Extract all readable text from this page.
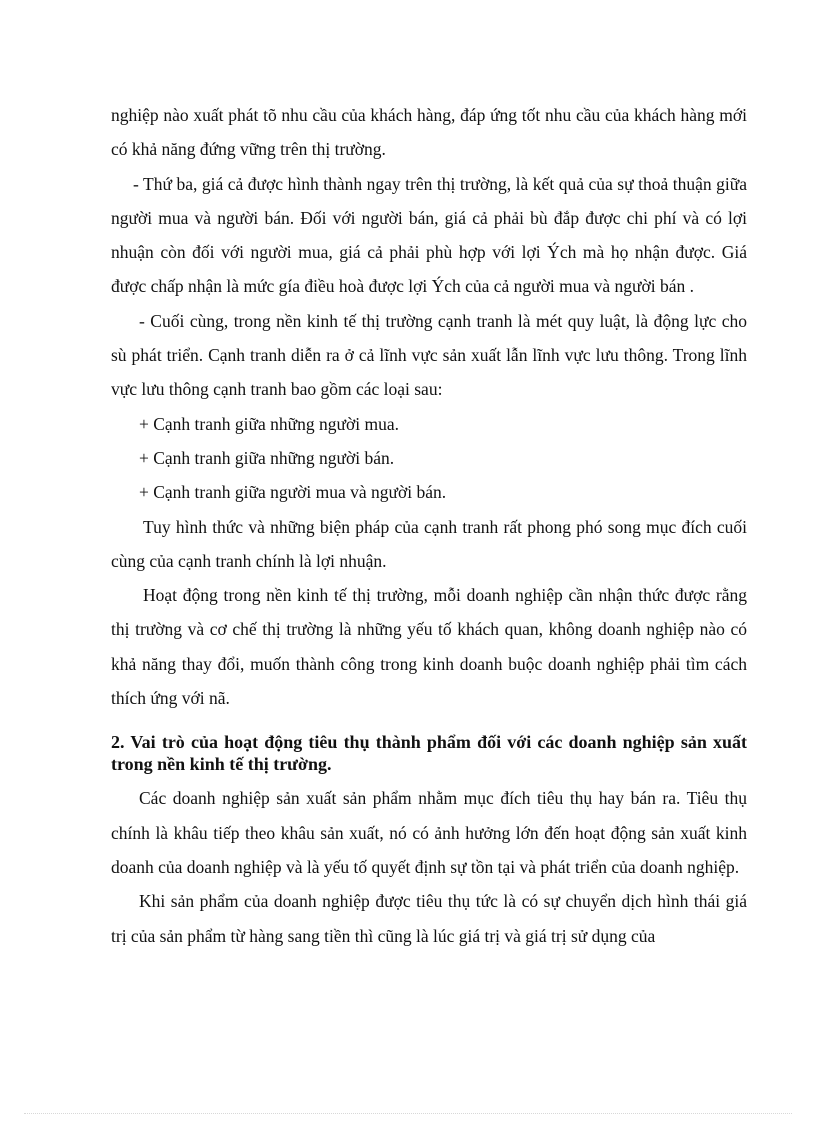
nghiệp nào xuất phát tõ nhu cầu của khách hàng, đáp ứng tốt nhu cầu của khách hàng mới có khả năng đứng vững trên thị trường.

- Thứ ba, giá cả được hình thành ngay trên thị trường, là kết quả của sự thoả thuận giữa người mua và người bán. Đối với người bán, giá cả phải bù đắp được chi phí và có lợi nhuận còn đối với người mua, giá cả phải phù hợp với lợi Ých mà họ nhận được. Giá được chấp nhận là mức gía điều hoà được lợi Ých của cả người mua và người bán .

- Cuối cùng, trong nền kinh tế thị trường cạnh tranh là mét quy luật, là động lực cho sù phát triển. Cạnh tranh diễn ra ở cả lĩnh vực sản xuất lẫn lĩnh vực lưu thông. Trong lĩnh vực lưu thông cạnh tranh bao gồm các loại sau:

+ Cạnh tranh giữa những người mua.

+ Cạnh tranh giữa những người bán.

+ Cạnh tranh giữa người mua và người bán.

Tuy hình thức và những biện pháp của cạnh tranh rất phong phó song mục đích cuối cùng của cạnh tranh chính là lợi nhuận.

Hoạt động trong nền kinh tế thị trường, mỗi doanh nghiệp cần nhận thức được rằng thị trường và cơ chế thị trường là những yếu tố khách quan, không doanh nghiệp nào có khả năng thay đổi, muốn thành công trong kinh doanh buộc doanh nghiệp phải tìm cách thích ứng với nã.

2. Vai trò của hoạt động tiêu thụ thành phẩm đối với các doanh nghiệp sản xuất trong nền kinh tế thị trường.

Các doanh nghiệp sản xuất sản phẩm nhằm mục đích tiêu thụ hay bán ra. Tiêu thụ chính là khâu tiếp theo khâu sản xuất, nó có ảnh hưởng lớn đến hoạt động sản xuất kinh doanh của doanh nghiệp và là yếu tố quyết định sự tồn tại và phát triển của doanh nghiệp.

Khi sản phẩm của doanh nghiệp được tiêu thụ tức là có sự chuyển dịch hình thái giá trị của sản phẩm từ hàng sang tiền thì cũng là lúc giá trị và giá trị sử dụng của
